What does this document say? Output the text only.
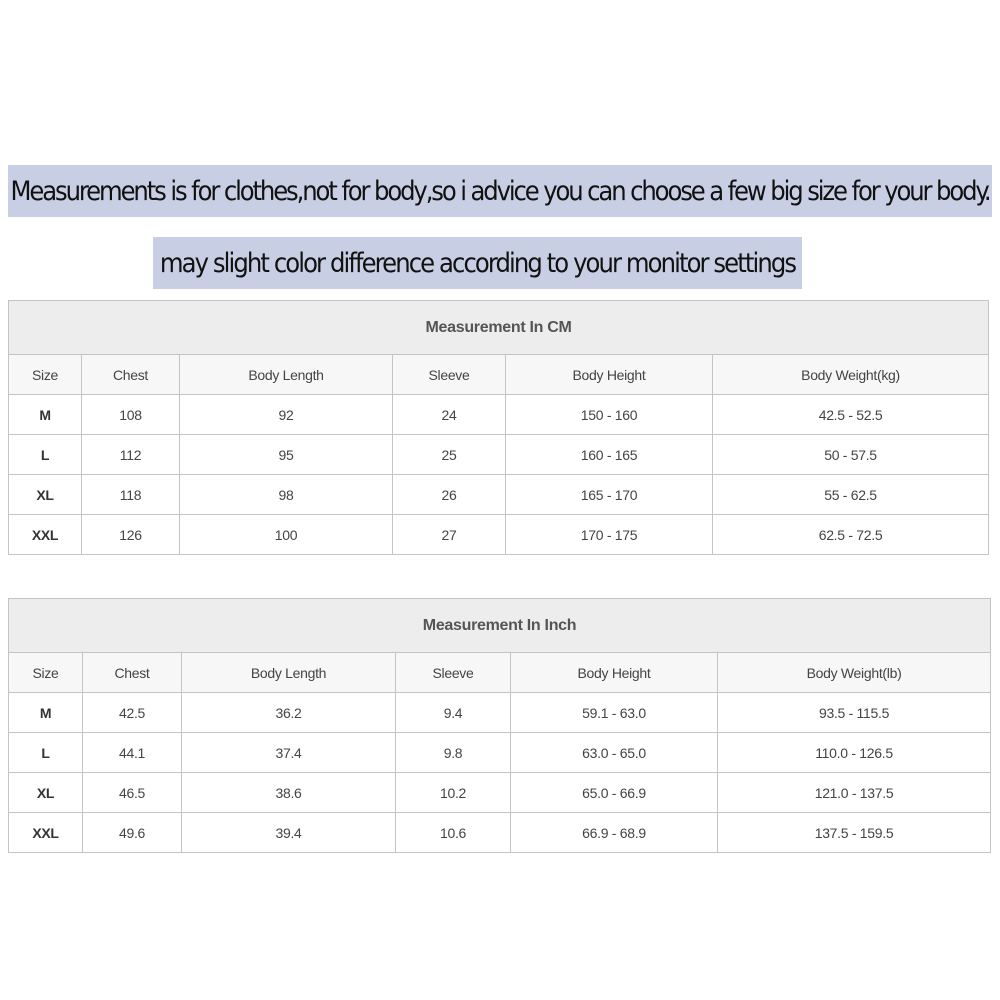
Measurements is for clothes,not for body,so i advice you can choose a few big size for your body.
may slight color difference according to your monitor settings
Measurement In CM					
Size	Chest	Body Length	Sleeve	Body Height	Body Weight(kg)
M	108	92	24	150 - 160	42.5 - 52.5
L	112	95	25	160 - 165	50 - 57.5
XL	118	98	26	165 - 170	55 - 62.5
XXL	126	100	27	170 - 175	62.5 - 72.5
Measurement In Inch					
Size	Chest	Body Length	Sleeve	Body Height	Body Weight(lb)
M	42.5	36.2	9.4	59.1 - 63.0	93.5 - 115.5
L	44.1	37.4	9.8	63.0 - 65.0	110.0 - 126.5
XL	46.5	38.6	10.2	65.0 - 66.9	121.0 - 137.5
XXL	49.6	39.4	10.6	66.9 - 68.9	137.5 - 159.5
